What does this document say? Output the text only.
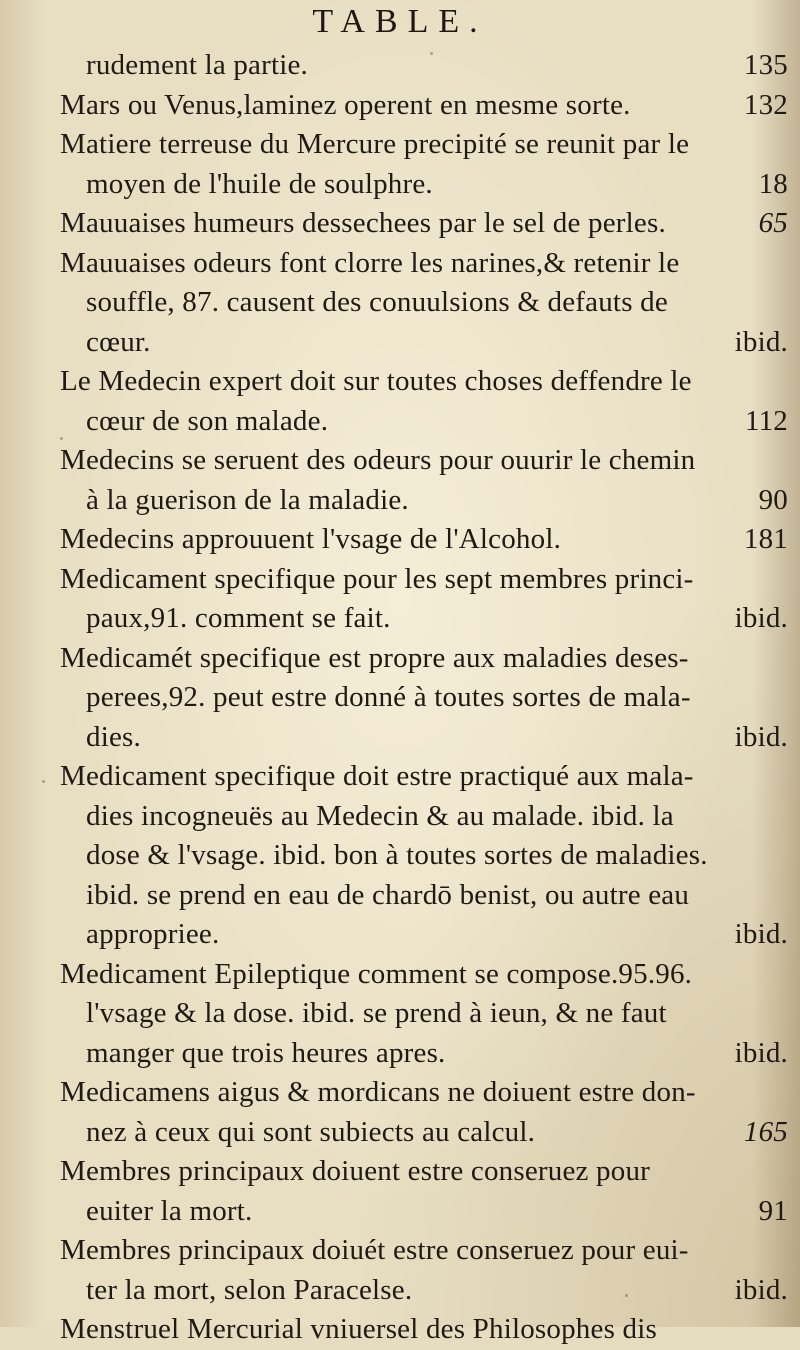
TABLE.
rudement la partie.	135
Mars ou Venus,laminez operent en mesme sorte.	132
Matiere terreuse du Mercure precipité se reunit par le
moyen de l'huile de soulphre.	18
Mauuaises humeurs dessechees par le sel de perles.	65
Mauuaises odeurs font clorre les narines,& retenir le
souffle, 87. causent des conuulsions & defauts de
cœur.	ibid.
Le Medecin expert doit sur toutes choses deffendre le
cœur de son malade.	112
Medecins se seruent des odeurs pour ouurir le chemin
à la guerison de la maladie.	90
Medecins approuuent l'vsage de l'Alcohol.	181
Medicament specifique pour les sept membres princi-
paux,91. comment se fait.	ibid.
Medicamét specifique est propre aux maladies deses-
perees,92. peut estre donné à toutes sortes de mala-
dies.	ibid.
Medicament specifique doit estre practiqué aux mala-
dies incogneuës au Medecin & au malade. ibid. la
dose & l'vsage. ibid. bon à toutes sortes de maladies.
ibid. se prend en eau de chardō benist, ou autre eau
appropriee.	ibid.
Medicament Epileptique comment se compose.95.96.
l'vsage & la dose. ibid. se prend à ieun, & ne faut
manger que trois heures apres.	ibid.
Medicamens aigus & mordicans ne doiuent estre don-
nez à ceux qui sont subiects au calcul.	165
Membres principaux doiuent estre conseruez pour
euiter la mort.	91
Membres principaux doiuét estre conseruez pour eui-
ter la mort, selon Paracelse.	ibid.
Menstruel Mercurial vniuersel des Philosophes dis
